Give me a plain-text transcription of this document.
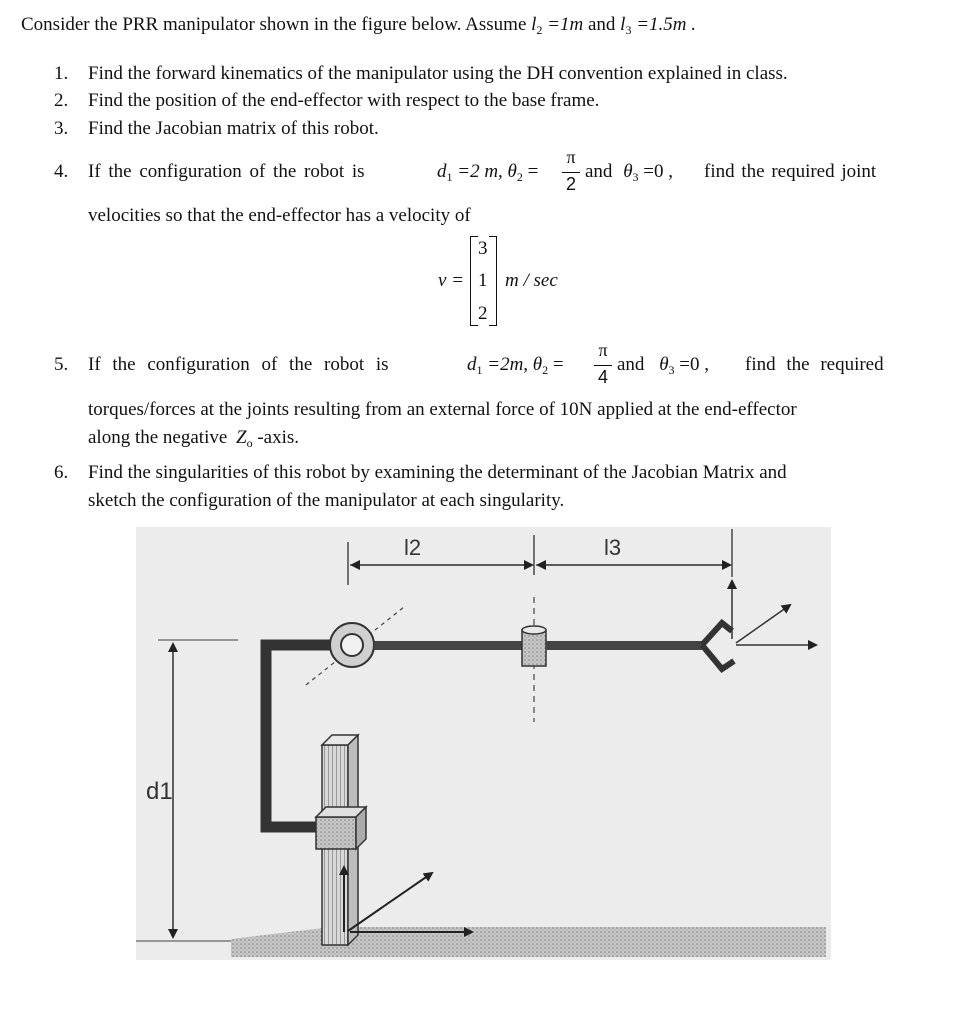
Consider the PRR manipulator shown in the figure below. Assume $l_2 =1m$ and $l_3 =1.5m$ .
1. Find the forward kinematics of the manipulator using the DH convention explained in class.
2. Find the position of the end-effector with respect to the base frame.
3. Find the Jacobian matrix of this robot.
4. If the configuration of the robot is	$d_1 =2$ m, $\theta_2$ =
π
2
and $\theta_3 =0$ , find the required joint
velocities so that the end-effector has a velocity of
v =
3
1
2
m / sec
5. If the configuration of the robot is	$d_1 =2m$, $\theta_2$ =
π
4
and $\theta_3 =0$ , find the required
torques/forces at the joints resulting from an external force of 10N applied at the end-effector
along the negative $Z_o$ -axis.
6. Find the singularities of this robot by examining the determinant of the Jacobian Matrix and
sketch the configuration of the manipulator at each singularity.
l2	l3
d1
